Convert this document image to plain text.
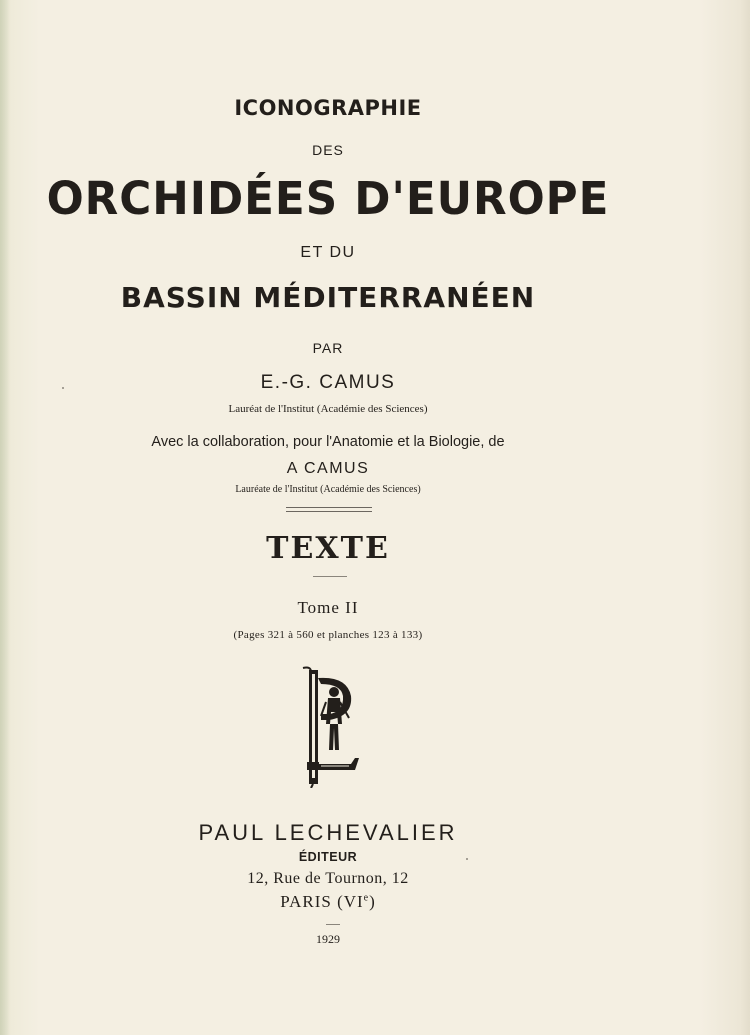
ICONOGRAPHIE
DES
ORCHIDÉES D'EUROPE
ET DU
BASSIN MÉDITERRANÉEN
PAR
E.-G. CAMUS
Lauréat de l'Institut (Académie des Sciences)
Avec la collaboration, pour l'Anatomie et la Biologie, de
A CAMUS
Lauréate de l'Institut (Académie des Sciences)
TEXTE
Tome II
(Pages 321 à 560 et planches 123 à 133)
PAUL LECHEVALIER
ÉDITEUR
12, Rue de Tournon, 12
PARIS (VIe)
1929
